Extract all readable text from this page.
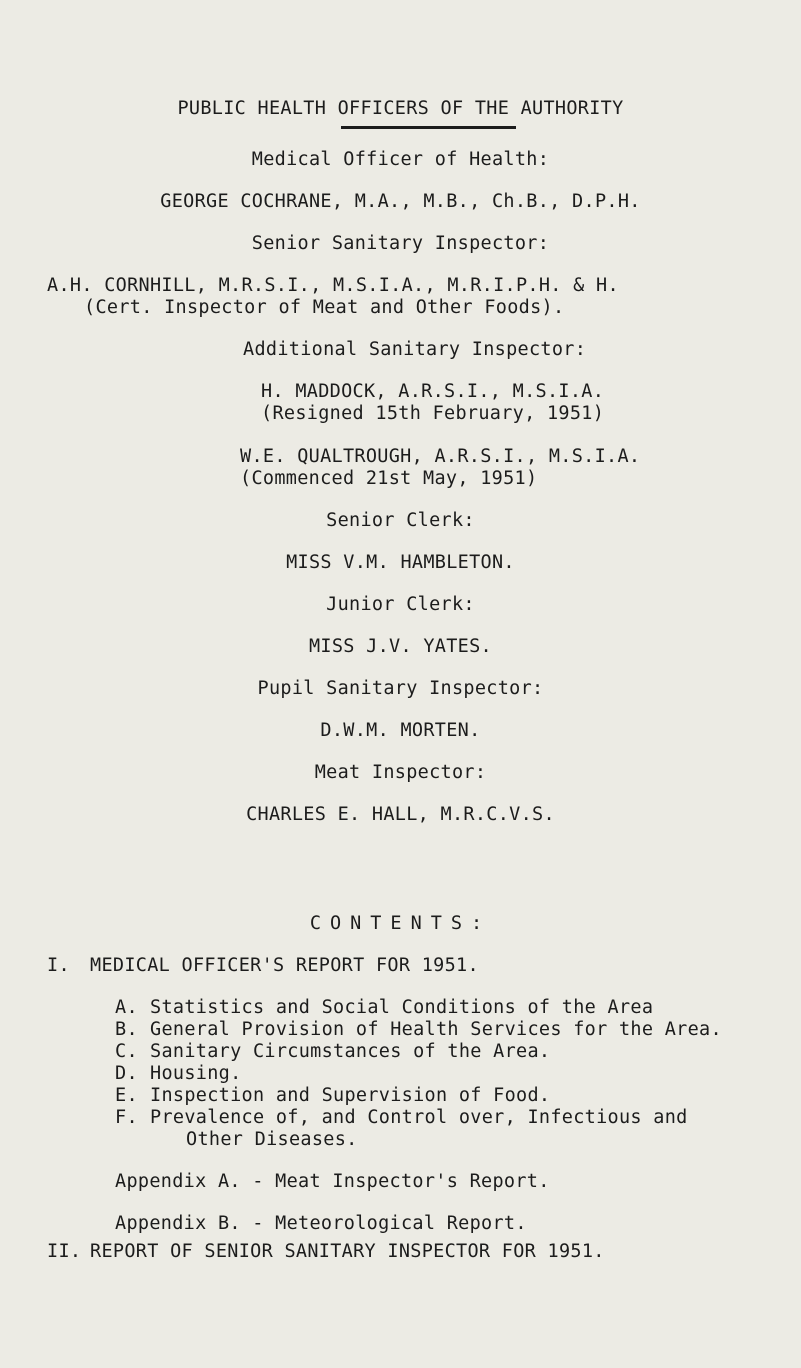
PUBLIC HEALTH OFFICERS OF THE AUTHORITY
Medical Officer of Health:
GEORGE COCHRANE, M.A., M.B., Ch.B., D.P.H.
Senior Sanitary Inspector:
A.H. CORNHILL, M.R.S.I., M.S.I.A., M.R.I.P.H. & H.
(Cert. Inspector of Meat and Other Foods).
Additional Sanitary Inspector:
H. MADDOCK, A.R.S.I., M.S.I.A.
(Resigned 15th February, 1951)
W.E. QUALTROUGH, A.R.S.I., M.S.I.A.
(Commenced 21st May, 1951)
Senior Clerk:
MISS V.M. HAMBLETON.
Junior Clerk:
MISS J.V. YATES.
Pupil Sanitary Inspector:
D.W.M. MORTEN.
Meat Inspector:
CHARLES E. HALL, M.R.C.V.S.
CONTENTS:
I. MEDICAL OFFICER'S REPORT FOR 1951.
A. Statistics and Social Conditions of the Area
B. General Provision of Health Services for the Area.
C. Sanitary Circumstances of the Area.
D. Housing.
E. Inspection and Supervision of Food.
F. Prevalence of, and Control over, Infectious and
Other Diseases.
Appendix A. - Meat Inspector's Report.
Appendix B. - Meteorological Report.
II. REPORT OF SENIOR SANITARY INSPECTOR FOR 1951.
